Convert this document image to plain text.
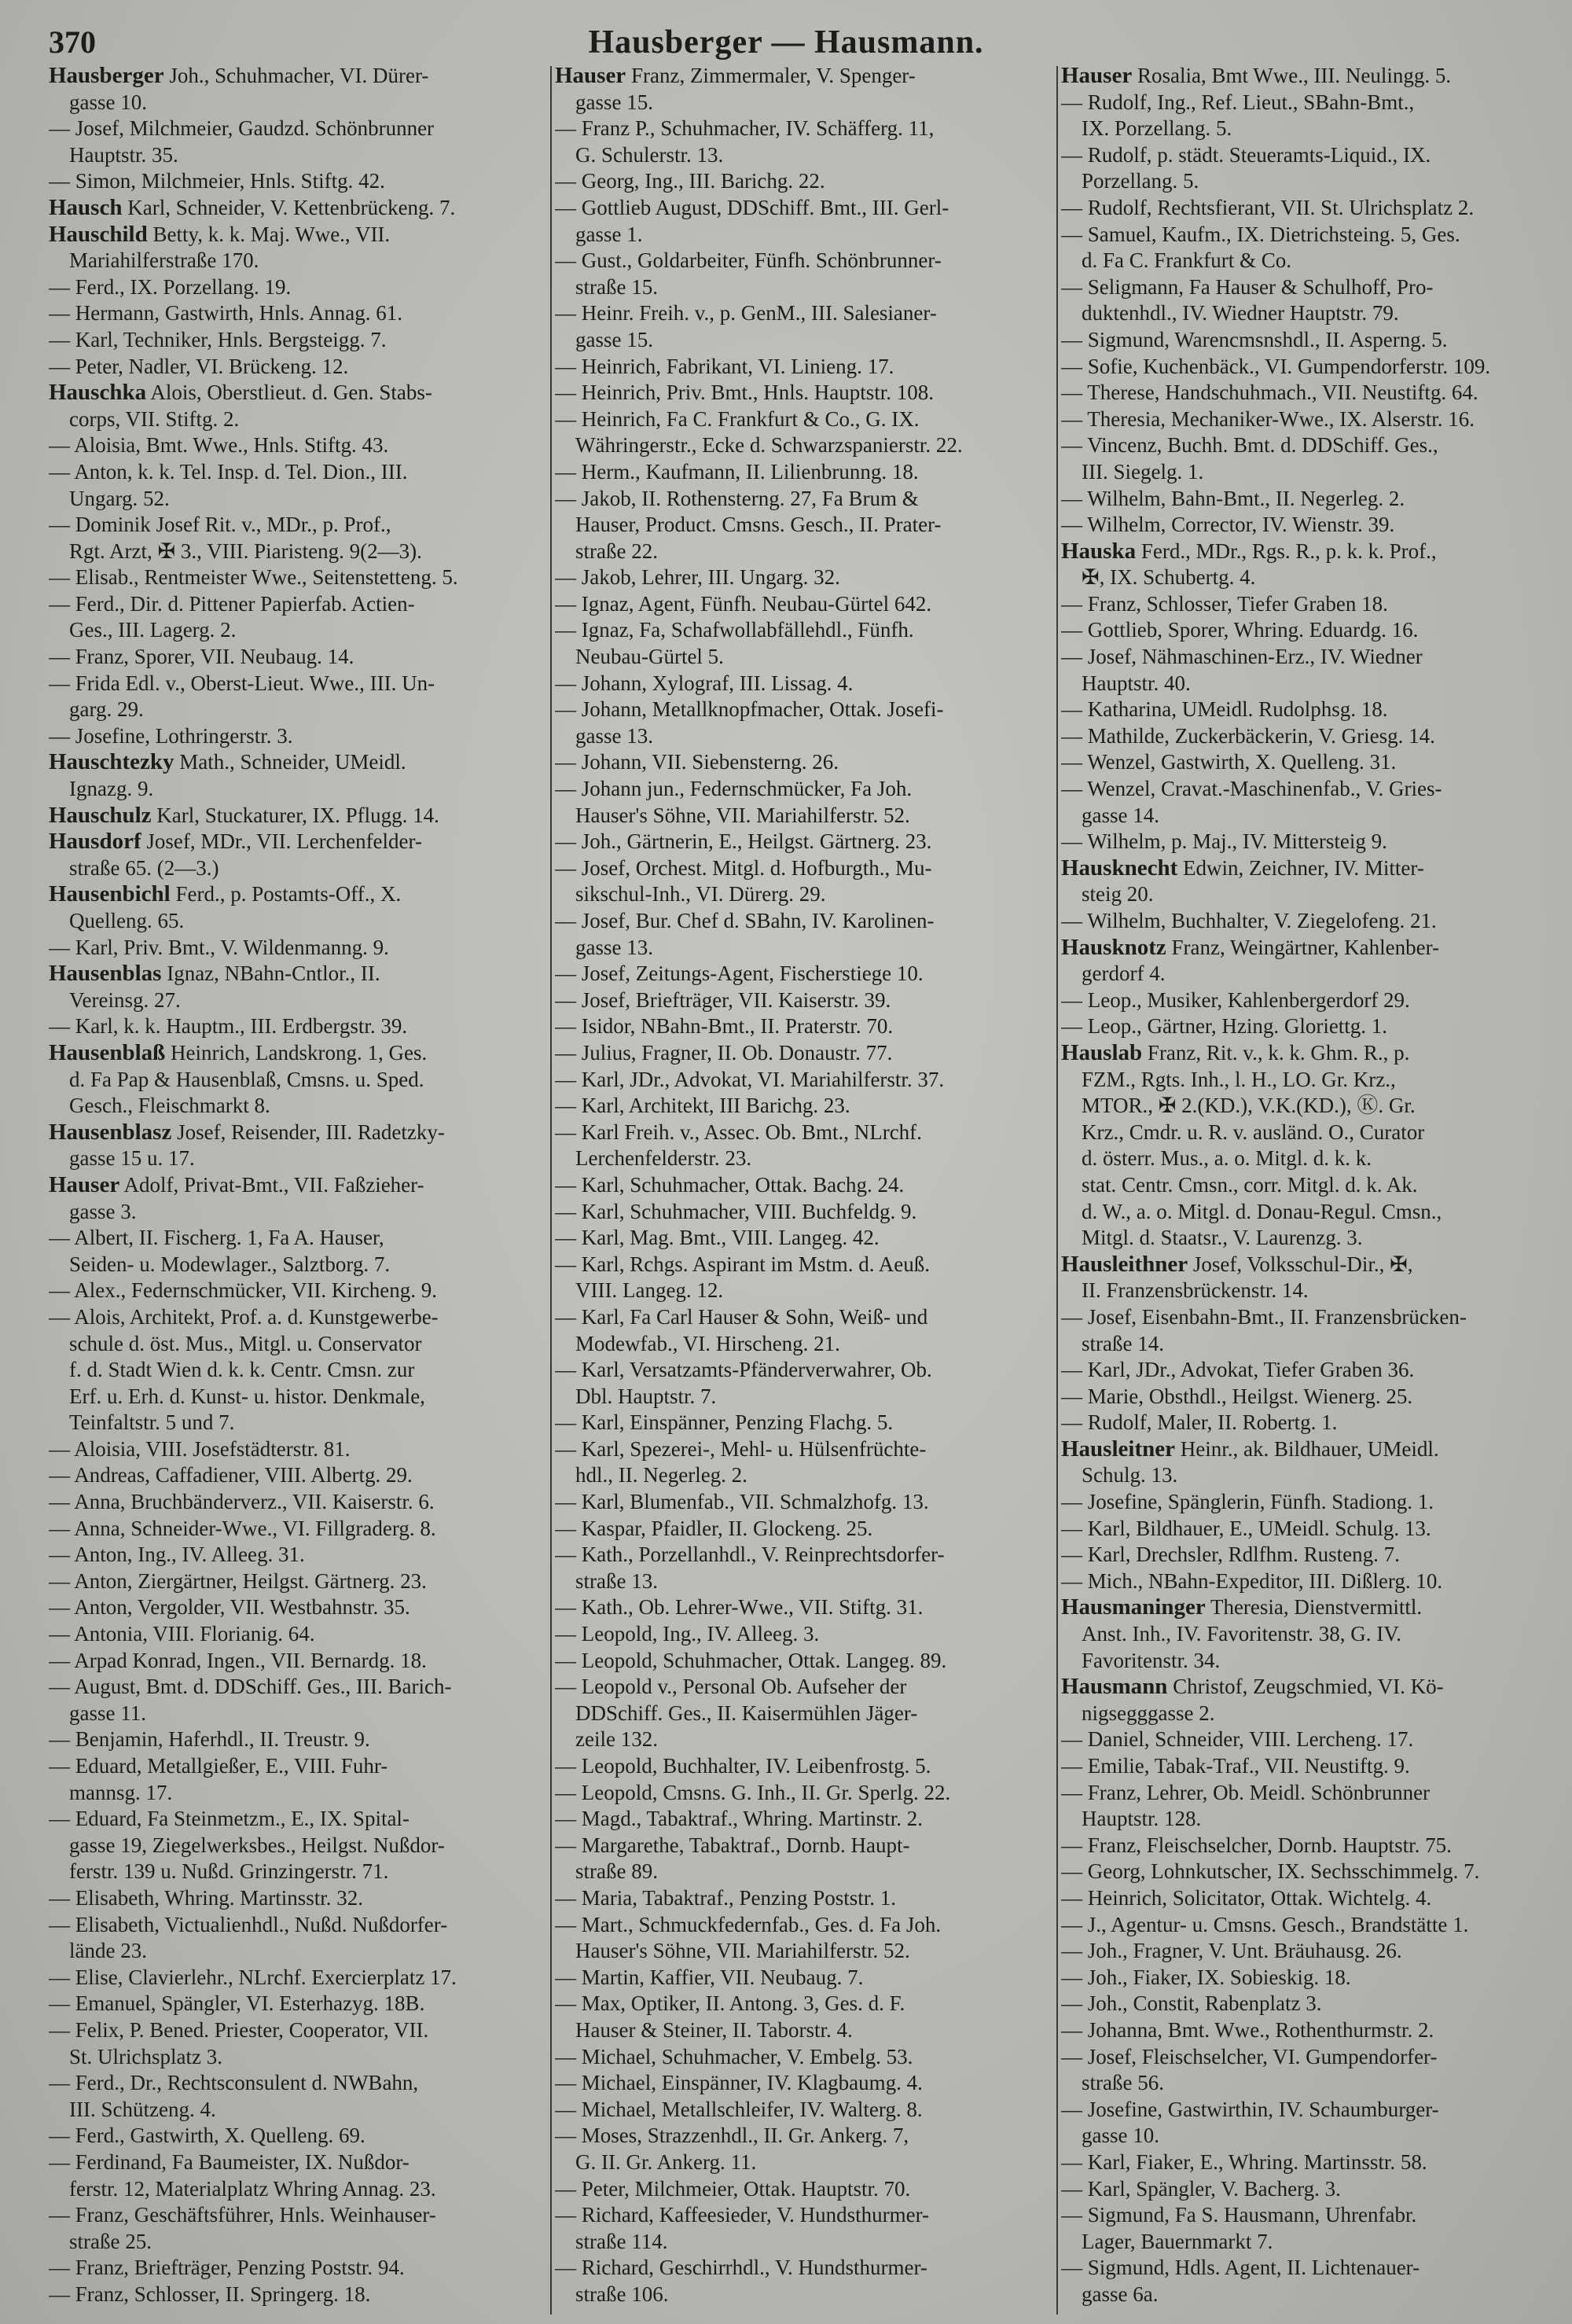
370	Hausberger — Hausmann.
Hausberger Joh., Schuhmacher, VI. Dürer-
gasse 10.
— Josef, Milchmeier, Gaudzd. Schönbrunner
Hauptstr. 35.
— Simon, Milchmeier, Hnls. Stiftg. 42.
Hausch Karl, Schneider, V. Kettenbrückeng. 7.
Hauschild Betty, k. k. Maj. Wwe., VII.
Mariahilferstraße 170.
— Ferd., IX. Porzellang. 19.
— Hermann, Gastwirth, Hnls. Annag. 61.
— Karl, Techniker, Hnls. Bergsteigg. 7.
— Peter, Nadler, VI. Brückeng. 12.
Hauschka Alois, Oberstlieut. d. Gen. Stabs-
corps, VII. Stiftg. 2.
— Aloisia, Bmt. Wwe., Hnls. Stiftg. 43.
— Anton, k. k. Tel. Insp. d. Tel. Dion., III.
Ungarg. 52.
— Dominik Josef Rit. v., MDr., p. Prof.,
Rgt. Arzt, ✠ 3., VIII. Piaristeng. 9(2—3).
— Elisab., Rentmeister Wwe., Seitenstetteng. 5.
— Ferd., Dir. d. Pittener Papierfab. Actien-
Ges., III. Lagerg. 2.
— Franz, Sporer, VII. Neubaug. 14.
— Frida Edl. v., Oberst-Lieut. Wwe., III. Un-
garg. 29.
— Josefine, Lothringerstr. 3.
Hauschtezky Math., Schneider, UMeidl.
Ignazg. 9.
Hauschulz Karl, Stuckaturer, IX. Pflugg. 14.
Hausdorf Josef, MDr., VII. Lerchenfelder-
straße 65. (2—3.)
Hausenbichl Ferd., p. Postamts-Off., X.
Quelleng. 65.
— Karl, Priv. Bmt., V. Wildenmanng. 9.
Hausenblas Ignaz, NBahn-Cntlor., II.
Vereinsg. 27.
— Karl, k. k. Hauptm., III. Erdbergstr. 39.
Hausenblaß Heinrich, Landskrong. 1, Ges.
d. Fa Pap & Hausenblaß, Cmsns. u. Sped.
Gesch., Fleischmarkt 8.
Hausenblasz Josef, Reisender, III. Radetzky-
gasse 15 u. 17.
Hauser Adolf, Privat-Bmt., VII. Faßzieher-
gasse 3.
— Albert, II. Fischerg. 1, Fa A. Hauser,
Seiden- u. Modewlager., Salztborg. 7.
— Alex., Federnschmücker, VII. Kircheng. 9.
— Alois, Architekt, Prof. a. d. Kunstgewerbe-
schule d. öst. Mus., Mitgl. u. Conservator
f. d. Stadt Wien d. k. k. Centr. Cmsn. zur
Erf. u. Erh. d. Kunst- u. histor. Denkmale,
Teinfaltstr. 5 und 7.
— Aloisia, VIII. Josefstädterstr. 81.
— Andreas, Caffadiener, VIII. Albertg. 29.
— Anna, Bruchbänderverz., VII. Kaiserstr. 6.
— Anna, Schneider-Wwe., VI. Fillgraderg. 8.
— Anton, Ing., IV. Alleeg. 31.
— Anton, Ziergärtner, Heilgst. Gärtnerg. 23.
— Anton, Vergolder, VII. Westbahnstr. 35.
— Antonia, VIII. Florianig. 64.
— Arpad Konrad, Ingen., VII. Bernardg. 18.
— August, Bmt. d. DDSchiff. Ges., III. Barich-
gasse 11.
— Benjamin, Haferhdl., II. Treustr. 9.
— Eduard, Metallgießer, E., VIII. Fuhr-
mannsg. 17.
— Eduard, Fa Steinmetzm., E., IX. Spital-
gasse 19, Ziegelwerksbes., Heilgst. Nußdor-
ferstr. 139 u. Nußd. Grinzingerstr. 71.
— Elisabeth, Whring. Martinsstr. 32.
— Elisabeth, Victualienhdl., Nußd. Nußdorfer-
lände 23.
— Elise, Clavierlehr., NLrchf. Exercierplatz 17.
— Emanuel, Spängler, VI. Esterhazyg. 18B.
— Felix, P. Bened. Priester, Cooperator, VII.
St. Ulrichsplatz 3.
— Ferd., Dr., Rechtsconsulent d. NWBahn,
III. Schützeng. 4.
— Ferd., Gastwirth, X. Quelleng. 69.
— Ferdinand, Fa Baumeister, IX. Nußdor-
ferstr. 12, Materialplatz Whring Annag. 23.
— Franz, Geschäftsführer, Hnls. Weinhauser-
straße 25.
— Franz, Briefträger, Penzing Poststr. 94.
— Franz, Schlosser, II. Springerg. 18.
Hauser Franz, Zimmermaler, V. Spenger-
gasse 15.
— Franz P., Schuhmacher, IV. Schäfferg. 11,
G. Schulerstr. 13.
— Georg, Ing., III. Barichg. 22.
— Gottlieb August, DDSchiff. Bmt., III. Gerl-
gasse 1.
— Gust., Goldarbeiter, Fünfh. Schönbrunner-
straße 15.
— Heinr. Freih. v., p. GenM., III. Salesianer-
gasse 15.
— Heinrich, Fabrikant, VI. Linieng. 17.
— Heinrich, Priv. Bmt., Hnls. Hauptstr. 108.
— Heinrich, Fa C. Frankfurt & Co., G. IX.
Währingerstr., Ecke d. Schwarzspanierstr. 22.
— Herm., Kaufmann, II. Lilienbrunng. 18.
— Jakob, II. Rothensterng. 27, Fa Brum &
Hauser, Product. Cmsns. Gesch., II. Prater-
straße 22.
— Jakob, Lehrer, III. Ungarg. 32.
— Ignaz, Agent, Fünfh. Neubau-Gürtel 642.
— Ignaz, Fa, Schafwollabfällehdl., Fünfh.
Neubau-Gürtel 5.
— Johann, Xylograf, III. Lissag. 4.
— Johann, Metallknopfmacher, Ottak. Josefi-
gasse 13.
— Johann, VII. Siebensterng. 26.
— Johann jun., Federnschmücker, Fa Joh.
Hauser's Söhne, VII. Mariahilferstr. 52.
— Joh., Gärtnerin, E., Heilgst. Gärtnerg. 23.
— Josef, Orchest. Mitgl. d. Hofburgth., Mu-
sikschul-Inh., VI. Dürerg. 29.
— Josef, Bur. Chef d. SBahn, IV. Karolinen-
gasse 13.
— Josef, Zeitungs-Agent, Fischerstiege 10.
— Josef, Briefträger, VII. Kaiserstr. 39.
— Isidor, NBahn-Bmt., II. Praterstr. 70.
— Julius, Fragner, II. Ob. Donaustr. 77.
— Karl, JDr., Advokat, VI. Mariahilferstr. 37.
— Karl, Architekt, III Barichg. 23.
— Karl Freih. v., Assec. Ob. Bmt., NLrchf.
Lerchenfelderstr. 23.
— Karl, Schuhmacher, Ottak. Bachg. 24.
— Karl, Schuhmacher, VIII. Buchfeldg. 9.
— Karl, Mag. Bmt., VIII. Langeg. 42.
— Karl, Rchgs. Aspirant im Mstm. d. Aeuß.
VIII. Langeg. 12.
— Karl, Fa Carl Hauser & Sohn, Weiß- und
Modewfab., VI. Hirscheng. 21.
— Karl, Versatzamts-Pfänderverwahrer, Ob.
Dbl. Hauptstr. 7.
— Karl, Einspänner, Penzing Flachg. 5.
— Karl, Spezerei-, Mehl- u. Hülsenfrüchte-
hdl., II. Negerleg. 2.
— Karl, Blumenfab., VII. Schmalzhofg. 13.
— Kaspar, Pfaidler, II. Glockeng. 25.
— Kath., Porzellanhdl., V. Reinprechtsdorfer-
straße 13.
— Kath., Ob. Lehrer-Wwe., VII. Stiftg. 31.
— Leopold, Ing., IV. Alleeg. 3.
— Leopold, Schuhmacher, Ottak. Langeg. 89.
— Leopold v., Personal Ob. Aufseher der
DDSchiff. Ges., II. Kaisermühlen Jäger-
zeile 132.
— Leopold, Buchhalter, IV. Leibenfrostg. 5.
— Leopold, Cmsns. G. Inh., II. Gr. Sperlg. 22.
— Magd., Tabaktraf., Whring. Martinstr. 2.
— Margarethe, Tabaktraf., Dornb. Haupt-
straße 89.
— Maria, Tabaktraf., Penzing Poststr. 1.
— Mart., Schmuckfedernfab., Ges. d. Fa Joh.
Hauser's Söhne, VII. Mariahilferstr. 52.
— Martin, Kaffier, VII. Neubaug. 7.
— Max, Optiker, II. Antong. 3, Ges. d. F.
Hauser & Steiner, II. Taborstr. 4.
— Michael, Schuhmacher, V. Embelg. 53.
— Michael, Einspänner, IV. Klagbaumg. 4.
— Michael, Metallschleifer, IV. Walterg. 8.
— Moses, Strazzenhdl., II. Gr. Ankerg. 7,
G. II. Gr. Ankerg. 11.
— Peter, Milchmeier, Ottak. Hauptstr. 70.
— Richard, Kaffeesieder, V. Hundsthurmer-
straße 114.
— Richard, Geschirrhdl., V. Hundsthurmer-
straße 106.
Hauser Rosalia, Bmt Wwe., III. Neulingg. 5.
— Rudolf, Ing., Ref. Lieut., SBahn-Bmt.,
IX. Porzellang. 5.
— Rudolf, p. städt. Steueramts-Liquid., IX.
Porzellang. 5.
— Rudolf, Rechtsfierant, VII. St. Ulrichsplatz 2.
— Samuel, Kaufm., IX. Dietrichsteing. 5, Ges.
d. Fa C. Frankfurt & Co.
— Seligmann, Fa Hauser & Schulhoff, Pro-
duktenhdl., IV. Wiedner Hauptstr. 79.
— Sigmund, Warencmsnshdl., II. Asperng. 5.
— Sofie, Kuchenbäck., VI. Gumpendorferstr. 109.
— Therese, Handschuhmach., VII. Neustiftg. 64.
— Theresia, Mechaniker-Wwe., IX. Alserstr. 16.
— Vincenz, Buchh. Bmt. d. DDSchiff. Ges.,
III. Siegelg. 1.
— Wilhelm, Bahn-Bmt., II. Negerleg. 2.
— Wilhelm, Corrector, IV. Wienstr. 39.
Hauska Ferd., MDr., Rgs. R., p. k. k. Prof.,
✠, IX. Schubertg. 4.
— Franz, Schlosser, Tiefer Graben 18.
— Gottlieb, Sporer, Whring. Eduardg. 16.
— Josef, Nähmaschinen-Erz., IV. Wiedner
Hauptstr. 40.
— Katharina, UMeidl. Rudolphsg. 18.
— Mathilde, Zuckerbäckerin, V. Griesg. 14.
— Wenzel, Gastwirth, X. Quelleng. 31.
— Wenzel, Cravat.-Maschinenfab., V. Gries-
gasse 14.
— Wilhelm, p. Maj., IV. Mittersteig 9.
Hausknecht Edwin, Zeichner, IV. Mitter-
steig 20.
— Wilhelm, Buchhalter, V. Ziegelofeng. 21.
Hausknotz Franz, Weingärtner, Kahlenber-
gerdorf 4.
— Leop., Musiker, Kahlenbergerdorf 29.
— Leop., Gärtner, Hzing. Gloriettg. 1.
Hauslab Franz, Rit. v., k. k. Ghm. R., p.
FZM., Rgts. Inh., l. H., LO. Gr. Krz.,
MTOR., ✠ 2.(KD.), V.K.(KD.), Ⓚ. Gr.
Krz., Cmdr. u. R. v. ausländ. O., Curator
d. österr. Mus., a. o. Mitgl. d. k. k.
stat. Centr. Cmsn., corr. Mitgl. d. k. Ak.
d. W., a. o. Mitgl. d. Donau-Regul. Cmsn.,
Mitgl. d. Staatsr., V. Laurenzg. 3.
Hausleithner Josef, Volksschul-Dir., ✠,
II. Franzensbrückenstr. 14.
— Josef, Eisenbahn-Bmt., II. Franzensbrücken-
straße 14.
— Karl, JDr., Advokat, Tiefer Graben 36.
— Marie, Obsthdl., Heilgst. Wienerg. 25.
— Rudolf, Maler, II. Robertg. 1.
Hausleitner Heinr., ak. Bildhauer, UMeidl.
Schulg. 13.
— Josefine, Spänglerin, Fünfh. Stadiong. 1.
— Karl, Bildhauer, E., UMeidl. Schulg. 13.
— Karl, Drechsler, Rdlfhm. Rusteng. 7.
— Mich., NBahn-Expeditor, III. Dißlerg. 10.
Hausmaninger Theresia, Dienstvermittl.
Anst. Inh., IV. Favoritenstr. 38, G. IV.
Favoritenstr. 34.
Hausmann Christof, Zeugschmied, VI. Kö-
nigsegggasse 2.
— Daniel, Schneider, VIII. Lercheng. 17.
— Emilie, Tabak-Traf., VII. Neustiftg. 9.
— Franz, Lehrer, Ob. Meidl. Schönbrunner
Hauptstr. 128.
— Franz, Fleischselcher, Dornb. Hauptstr. 75.
— Georg, Lohnkutscher, IX. Sechsschimmelg. 7.
— Heinrich, Solicitator, Ottak. Wichtelg. 4.
— J., Agentur- u. Cmsns. Gesch., Brandstätte 1.
— Joh., Fragner, V. Unt. Bräuhausg. 26.
— Joh., Fiaker, IX. Sobieskig. 18.
— Joh., Constit, Rabenplatz 3.
— Johanna, Bmt. Wwe., Rothenthurmstr. 2.
— Josef, Fleischselcher, VI. Gumpendorfer-
straße 56.
— Josefine, Gastwirthin, IV. Schaumburger-
gasse 10.
— Karl, Fiaker, E., Whring. Martinsstr. 58.
— Karl, Spängler, V. Bacherg. 3.
— Sigmund, Fa S. Hausmann, Uhrenfabr.
Lager, Bauernmarkt 7.
— Sigmund, Hdls. Agent, II. Lichtenauer-
gasse 6a.
